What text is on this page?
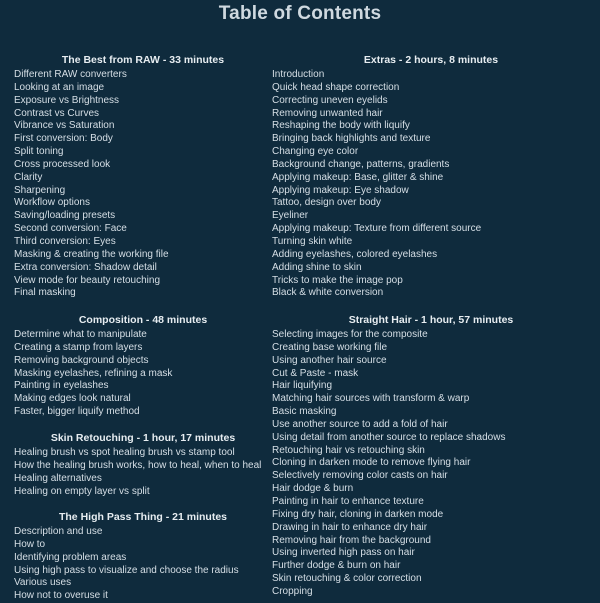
Table of Contents
The Best from RAW - 33 minutes
Different RAW converters
Looking at an image
Exposure vs Brightness
Contrast vs Curves
Vibrance vs Saturation
First conversion: Body
Split toning
Cross processed look
Clarity
Sharpening
Workflow options
Saving/loading presets
Second conversion: Face
Third conversion: Eyes
Masking & creating the working file
Extra conversion: Shadow detail
View mode for beauty retouching
Final masking
Composition - 48 minutes
Determine what to manipulate
Creating a stamp from layers
Removing background objects
Masking eyelashes, refining a mask
Painting in eyelashes
Making edges look natural
Faster, bigger liquify method
Skin Retouching - 1 hour, 17 minutes
Healing brush vs spot healing brush vs stamp tool
How the healing brush works, how to heal, when to heal
Healing alternatives
Healing on empty layer vs split
The High Pass Thing - 21 minutes
Description and use
How to
Identifying problem areas
Using high pass to visualize and choose the radius
Various uses
How not to overuse it
Extras - 2 hours, 8 minutes
Introduction
Quick head shape correction
Correcting uneven eyelids
Removing unwanted hair
Reshaping the body with liquify
Bringing back highlights and texture
Changing eye color
Background change, patterns, gradients
Applying makeup: Base, glitter & shine
Applying makeup: Eye shadow
Tattoo, design over body
Eyeliner
Applying makeup: Texture from different source
Turning skin white
Adding eyelashes, colored eyelashes
Adding shine to skin
Tricks to make the image pop
Black & white conversion
Straight Hair - 1 hour, 57 minutes
Selecting images for the composite
Creating base working file
Using another hair source
Cut & Paste - mask
Hair liquifying
Matching hair sources with transform & warp
Basic masking
Use another source to add a fold of hair
Using detail from another source to replace shadows
Retouching hair vs retouching skin
Cloning in darken mode to remove flying hair
Selectively removing color casts on hair
Hair dodge & burn
Painting in hair to enhance texture
Fixing dry hair, cloning in darken mode
Drawing in hair to enhance dry hair
Removing hair from the background
Using inverted high pass on hair
Further dodge & burn on hair
Skin retouching & color correction
Cropping
